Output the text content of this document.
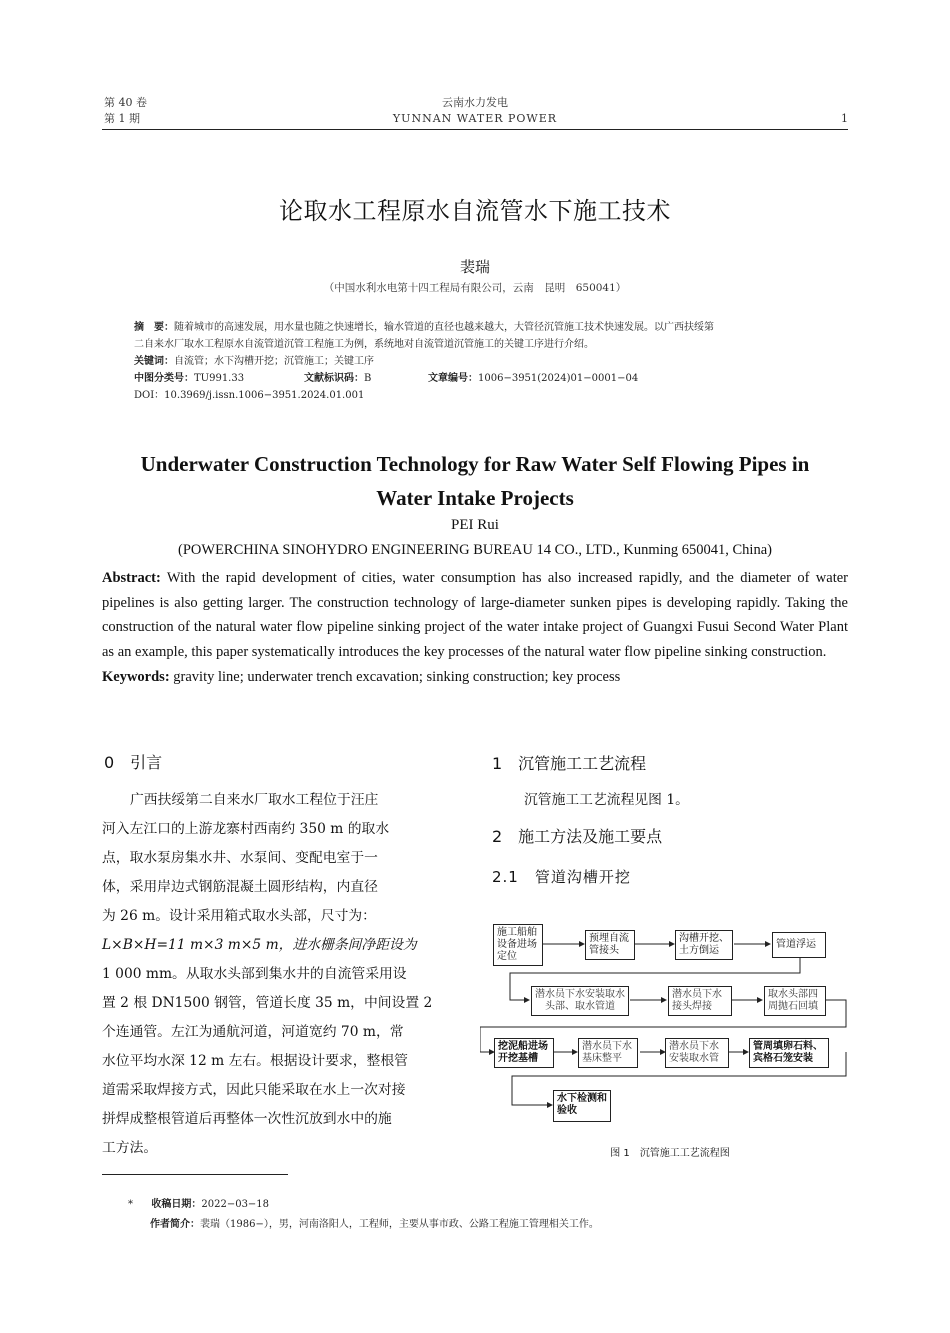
第 40 卷
第 1 期
云南水力发电
YUNNAN WATER POWER	1
论取水工程原水自流管水下施工技术
裴瑞
（中国水利水电第十四工程局有限公司，云南　昆明　650041）
摘　要：随着城市的高速发展，用水量也随之快速增长，输水管道的直径也越来越大，大管径沉管施工技术快速发展。以广西扶绥第
二自来水厂取水工程原水自流管道沉管工程施工为例，系统地对自流管道沉管施工的关键工序进行介绍。
关键词：自流管；水下沟槽开挖；沉管施工；关键工序
中图分类号：TU991.33	文献标识码：B	文章编号：1006−3951(2024)01−0001−04
DOI：10.3969/j.issn.1006−3951.2024.01.001
Underwater Construction Technology for Raw Water Self Flowing Pipes in
Water Intake Projects
PEI Rui
(POWERCHINA SINOHYDRO ENGINEERING BUREAU 14 CO., LTD., Kunming 650041, China)
Abstract: With the rapid development of cities, water consumption has also increased rapidly, and the diameter of water pipelines is also getting larger. The construction technology of large-diameter sunken pipes is developing rapidly. Taking the construction of the natural water flow pipeline sinking project of the water intake project of Guangxi Fusui Second Water Plant as an example, this paper systematically introduces the key processes of the natural water flow pipeline sinking construction.
Keywords: gravity line; underwater trench excavation; sinking construction; key process
0　引言
广西扶绥第二自来水厂取水工程位于汪庄
河入左江口的上游龙寨村西南约 350 m 的取水
点，取水泵房集水井、水泵间、变配电室于一
体，采用岸边式钢筋混凝土圆形结构，内直径
为 26 m。设计采用箱式取水头部，尺寸为：
L×B×H=11 m×3 m×5 m，进水栅条间净距设为
1 000 mm。从取水头部到集水井的自流管采用设
置 2 根 DN1500 钢管，管道长度 35 m，中间设置 2
个连通管。左江为通航河道，河道宽约 70 m，常
水位平均水深 12 m 左右。根据设计要求，整根管
道需采取焊接方式，因此只能采取在水上一次对接
拼焊成整根管道后再整体一次性沉放到水中的施
工方法。
1　沉管施工工艺流程
沉管施工工艺流程见图 1。
2　施工方法及施工要点
2.1　管道沟槽开挖
施工船舶设备进场定位
预埋自流管接头
沟槽开挖、土方倒运
管道浮运
潜水员下水安装取水头部、取水管道
潜水员下水接头焊接
取水头部四周抛石回填
挖泥船进场开挖基槽
潜水员下水基床整平
潜水员下水安装取水管
管周填卵石料、宾格石笼安装
水下检测和验收
图 1　沉管施工工艺流程图
* 收稿日期：2022−03−18
作者简介：裴瑞（1986−），男，河南洛阳人，工程师，主要从事市政、公路工程施工管理相关工作。
